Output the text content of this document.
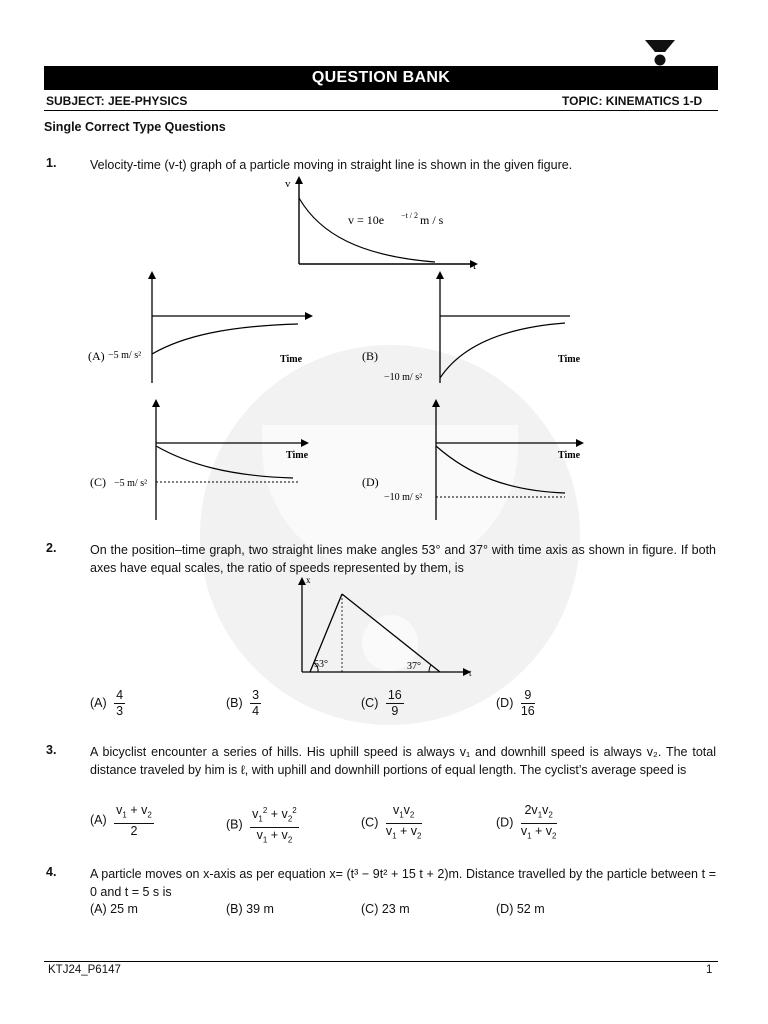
QUESTION BANK
SUBJECT: JEE-PHYSICS	TOPIC: KINEMATICS 1-D
Single Correct Type Questions
1.	Velocity-time (v-t) graph of a particle moving in straight line is shown in the given figure.
v
t
v = 10e −t / 2 m / s
(A) −5 m/ s²	Time	(B)
−10 m/ s²
Time
(C) −5 m/ s²
Time
(D)
−10 m/ s²
Time
2.	On the position–time graph, two straight lines make angles 53° and 37° with time axis as shown in figure. If both axes have equal scales, the ratio of speeds represented by them, is
x
t
53°	37°
$(A) \frac{4}{3}$	$(B) \frac{3}{4}$	$(C) \frac{16}{9}$	$(D) \frac{9}{16}$
3.	A bicyclist encounter a series of hills. His uphill speed is always v₁ and downhill speed is always v₂. The total distance traveled by him is ℓ, with uphill and downhill portions of equal length. The cyclist’s average speed is
$(A) \frac{v_1 + v_2}{2}$	$(B) \frac{v_1^2 + v_2^2}{v_1 + v_2}$	$(C) \frac{v_1v_2}{v_1 + v_2}$	$(D) \frac{2v_1v_2}{v_1 + v_2}$
4.	A particle moves on x-axis as per equation x= (t³ − 9t² + 15 t + 2)m. Distance travelled by the particle between t = 0 and t = 5 s is
(A) 25 m	(B) 39 m	(C) 23 m	(D) 52 m
KTJ24_P6147	1
